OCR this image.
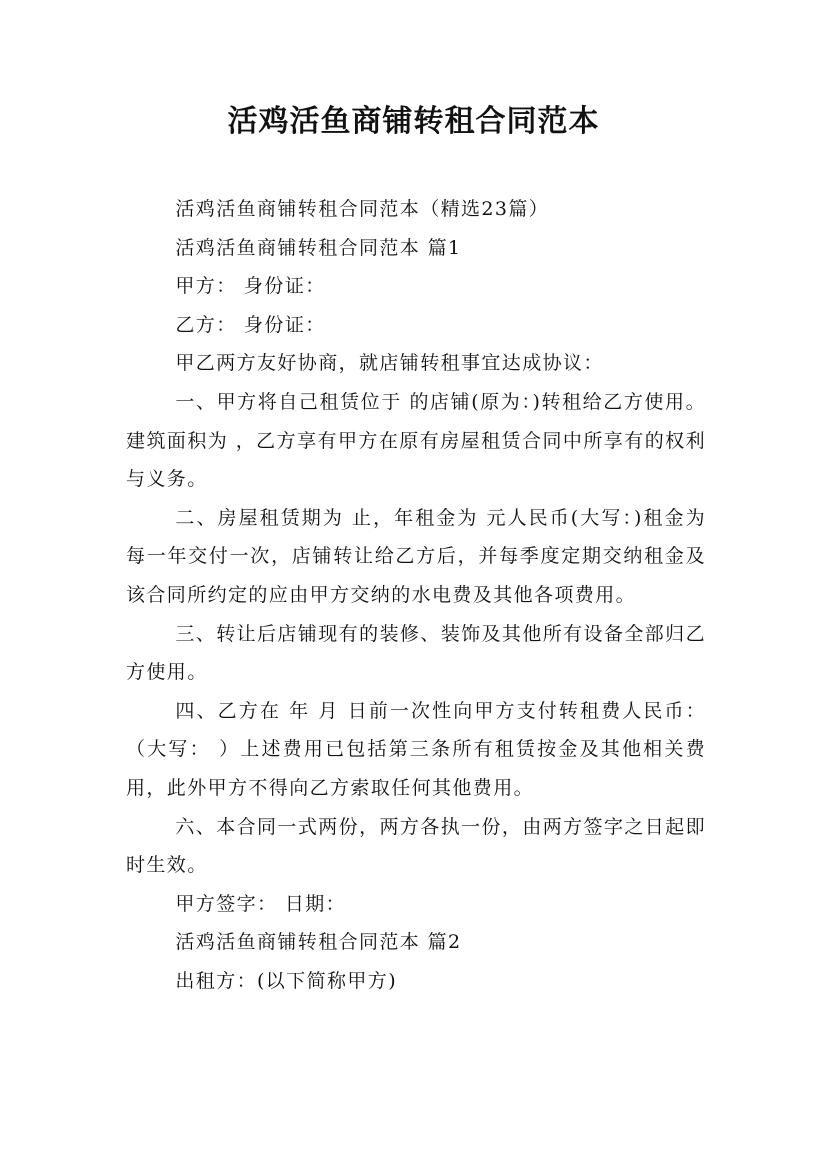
活鸡活鱼商铺转租合同范本

活鸡活鱼商铺转租合同范本（精选23篇）

活鸡活鱼商铺转租合同范本 篇1

甲方： 身份证：

乙方： 身份证：

甲乙两方友好协商，就店铺转租事宜达成协议：

一、甲方将自己租赁位于 的店铺(原为：)转租给乙方使用。建筑面积为 ，乙方享有甲方在原有房屋租赁合同中所享有的权利与义务。

二、房屋租赁期为 止，年租金为 元人民币(大写：)租金为每一年交付一次，店铺转让给乙方后，并每季度定期交纳租金及该合同所约定的应由甲方交纳的水电费及其他各项费用。

三、转让后店铺现有的装修、装饰及其他所有设备全部归乙方使用。

四、乙方在 年 月 日前一次性向甲方支付转租费人民币：（大写： ）上述费用已包括第三条所有租赁按金及其他相关费用，此外甲方不得向乙方索取任何其他费用。

六、本合同一式两份，两方各执一份，由两方签字之日起即时生效。

甲方签字： 日期：

活鸡活鱼商铺转租合同范本 篇2

出租方：(以下简称甲方)
